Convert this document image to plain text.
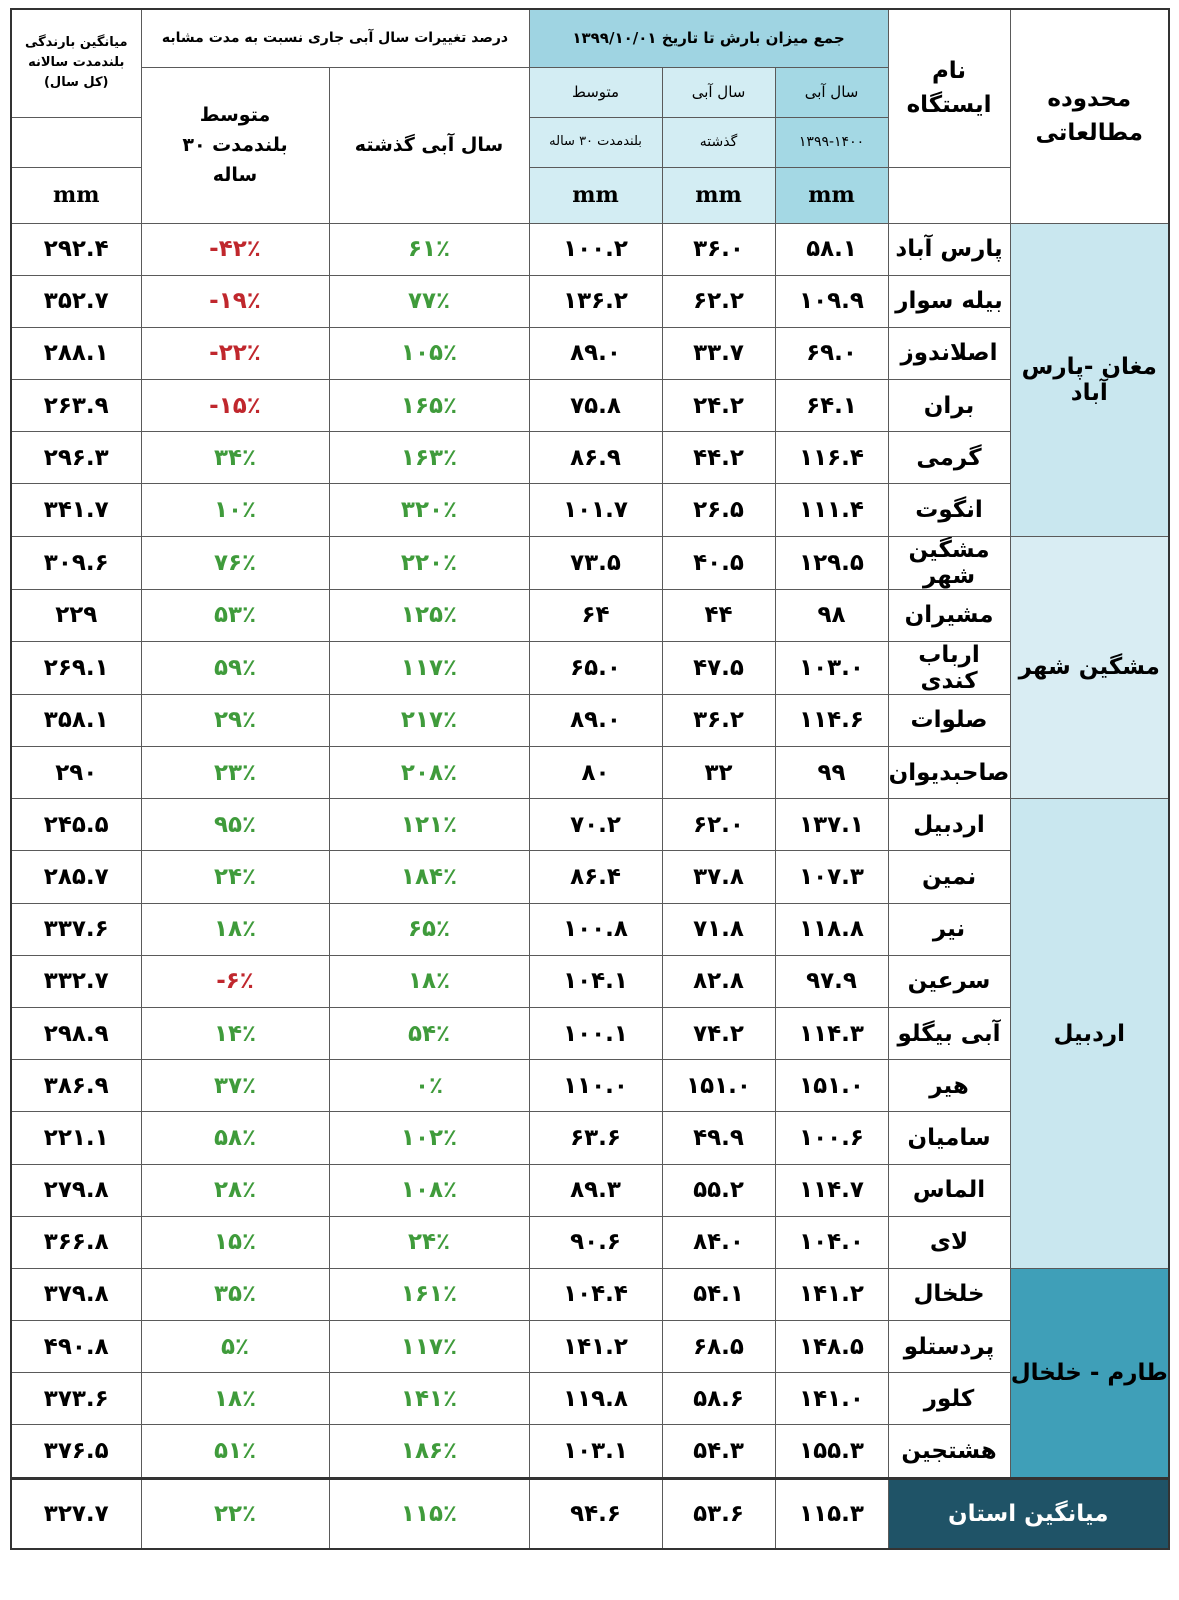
میانگین بارندگی بلندمدت سالانه (کل سال)	درصد تغییرات سال آبی جاری نسبت به مدت مشابه		جمع میزان بارش تا تاریخ ۱۳۹۹/۱۰/۰۱			نام ایستگاه	محدوده مطالعاتی
	متوسط بلندمدت ۳۰ ساله	سال آبی گذشته	متوسط	سال آبی	سال آبی		
			بلندمدت ۳۰ ساله	گذشته	۱۳۹۹-۱۴۰۰		
mm			mm	mm	mm		
۲۹۲.۴	-۴۲٪	۶۱٪	۱۰۰.۲	۳۶.۰	۵۸.۱	پارس آباد	مغان -پارس آباد
۳۵۲.۷	-۱۹٪	۷۷٪	۱۳۶.۲	۶۲.۲	۱۰۹.۹	بیله سوار	
۲۸۸.۱	-۲۲٪	۱۰۵٪	۸۹.۰	۳۳.۷	۶۹.۰	اصلاندوز	
۲۶۳.۹	-۱۵٪	۱۶۵٪	۷۵.۸	۲۴.۲	۶۴.۱	بران	
۲۹۶.۳	۳۴٪	۱۶۳٪	۸۶.۹	۴۴.۲	۱۱۶.۴	گرمی	
۳۴۱.۷	۱۰٪	۳۲۰٪	۱۰۱.۷	۲۶.۵	۱۱۱.۴	انگوت	
۳۰۹.۶	۷۶٪	۲۲۰٪	۷۳.۵	۴۰.۵	۱۲۹.۵	مشگین شهر	مشگین شهر
۲۲۹	۵۳٪	۱۲۵٪	۶۴	۴۴	۹۸	مشیران	
۲۶۹.۱	۵۹٪	۱۱۷٪	۶۵.۰	۴۷.۵	۱۰۳.۰	ارباب کندی	
۳۵۸.۱	۲۹٪	۲۱۷٪	۸۹.۰	۳۶.۲	۱۱۴.۶	صلوات	
۲۹۰	۲۳٪	۲۰۸٪	۸۰	۳۲	۹۹	صاحبدیوان	
۲۴۵.۵	۹۵٪	۱۲۱٪	۷۰.۲	۶۲.۰	۱۳۷.۱	اردبیل	اردبیل
۲۸۵.۷	۲۴٪	۱۸۴٪	۸۶.۴	۳۷.۸	۱۰۷.۳	نمین	
۳۳۷.۶	۱۸٪	۶۵٪	۱۰۰.۸	۷۱.۸	۱۱۸.۸	نیر	
۳۳۲.۷	-۶٪	۱۸٪	۱۰۴.۱	۸۲.۸	۹۷.۹	سرعین	
۲۹۸.۹	۱۴٪	۵۴٪	۱۰۰.۱	۷۴.۲	۱۱۴.۳	آبی بیگلو	
۳۸۶.۹	۳۷٪	۰٪	۱۱۰.۰	۱۵۱.۰	۱۵۱.۰	هیر	
۲۲۱.۱	۵۸٪	۱۰۲٪	۶۳.۶	۴۹.۹	۱۰۰.۶	سامیان	
۲۷۹.۸	۲۸٪	۱۰۸٪	۸۹.۳	۵۵.۲	۱۱۴.۷	الماس	
۳۶۶.۸	۱۵٪	۲۴٪	۹۰.۶	۸۴.۰	۱۰۴.۰	لای	
۳۷۹.۸	۳۵٪	۱۶۱٪	۱۰۴.۴	۵۴.۱	۱۴۱.۲	خلخال	طارم - خلخال
۴۹۰.۸	۵٪	۱۱۷٪	۱۴۱.۲	۶۸.۵	۱۴۸.۵	پردستلو	
۳۷۳.۶	۱۸٪	۱۴۱٪	۱۱۹.۸	۵۸.۶	۱۴۱.۰	کلور	
۳۷۶.۵	۵۱٪	۱۸۶٪	۱۰۳.۱	۵۴.۳	۱۵۵.۳	هشتجین	
۳۲۷.۷	۲۲٪	۱۱۵٪	۹۴.۶	۵۳.۶	۱۱۵.۳	میانگین استان	
